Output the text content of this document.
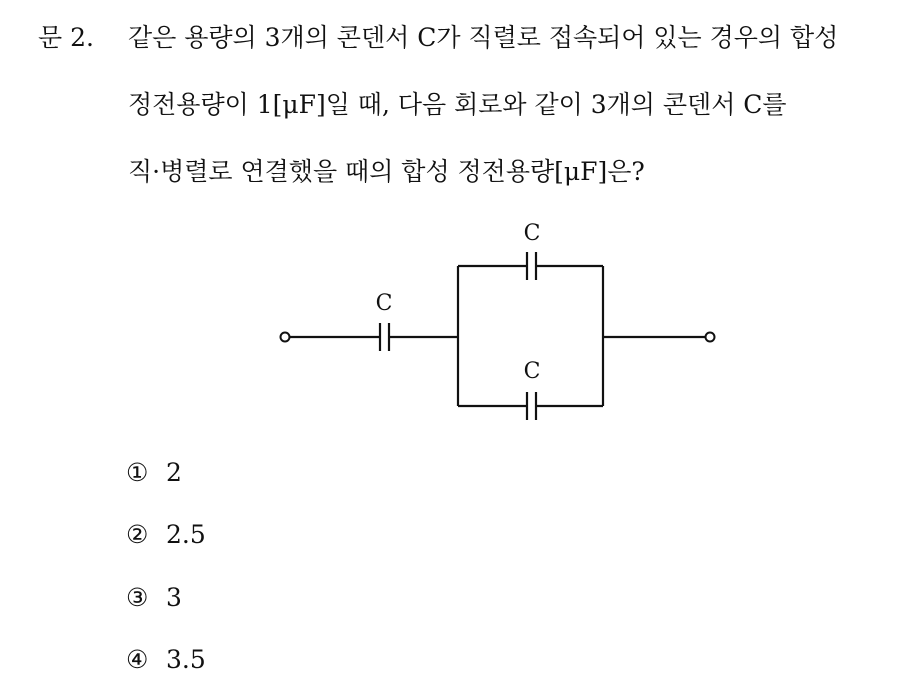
문 2. 같은 용량의 3개의 콘덴서 C가 직렬로 접속되어 있는 경우의 합성
정전용량이 1[μF]일 때, 다음 회로와 같이 3개의 콘덴서 C를
직·병렬로 연결했을 때의 합성 정전용량[μF]은?
C
C
C
① 2
② 2.5
③ 3
④ 3.5
